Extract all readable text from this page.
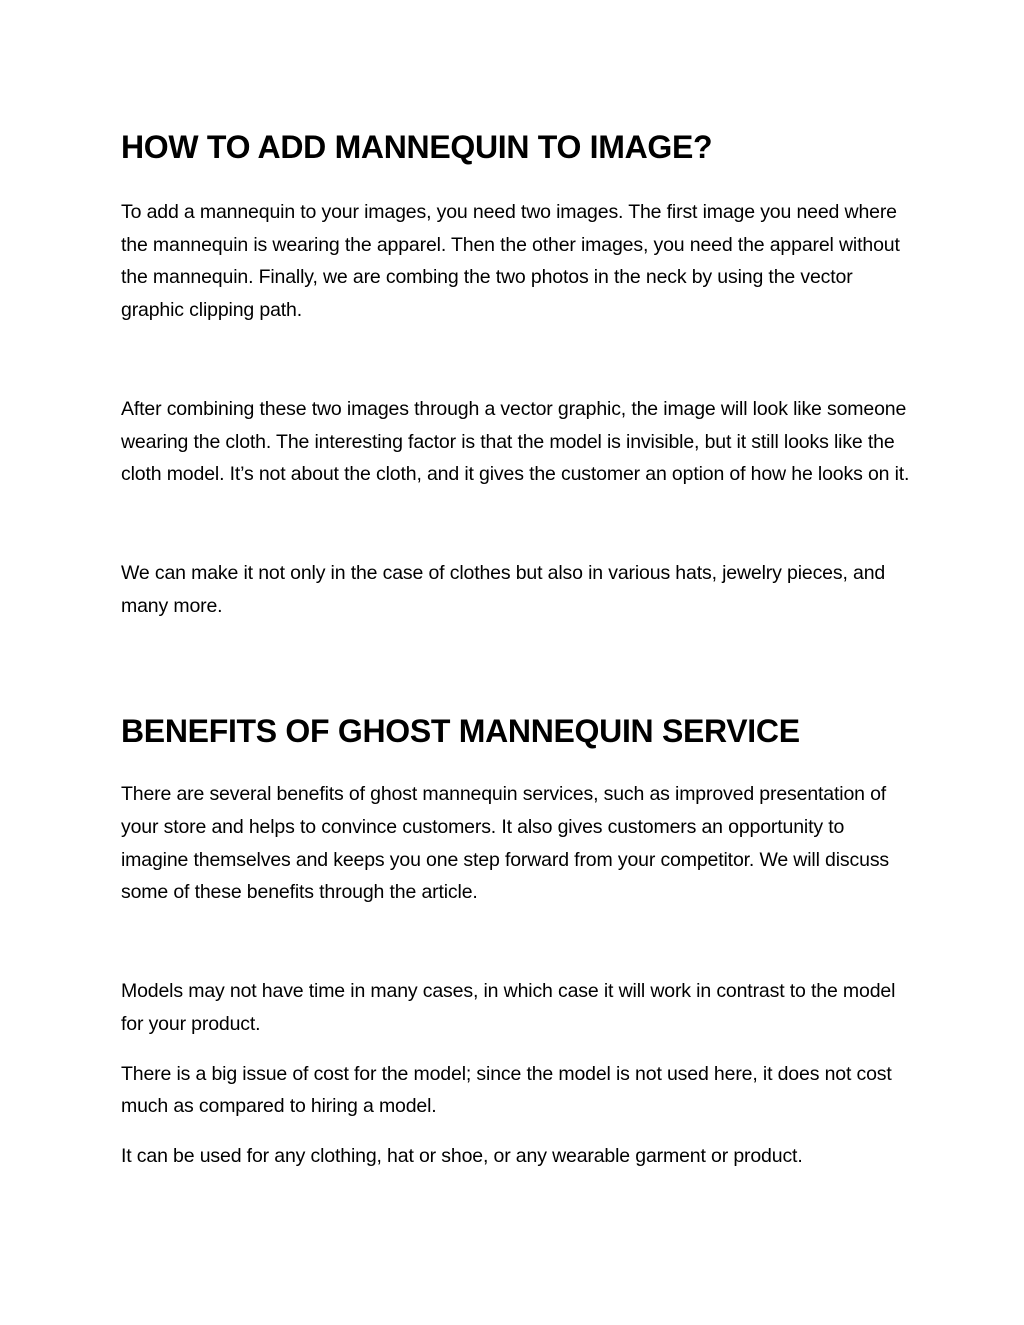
HOW TO ADD MANNEQUIN TO IMAGE?

To add a mannequin to your images, you need two images. The first image you need where the mannequin is wearing the apparel. Then the other images, you need the apparel without the mannequin. Finally, we are combing the two photos in the neck by using the vector graphic clipping path.

After combining these two images through a vector graphic, the image will look like someone wearing the cloth. The interesting factor is that the model is invisible, but it still looks like the cloth model. It’s not about the cloth, and it gives the customer an option of how he looks on it.

We can make it not only in the case of clothes but also in various hats, jewelry pieces, and many more.

BENEFITS OF GHOST MANNEQUIN SERVICE

There are several benefits of ghost mannequin services, such as improved presentation of your store and helps to convince customers. It also gives customers an opportunity to imagine themselves and keeps you one step forward from your competitor. We will discuss some of these benefits through the article.

Models may not have time in many cases, in which case it will work in contrast to the model for your product.

There is a big issue of cost for the model; since the model is not used here, it does not cost much as compared to hiring a model.

It can be used for any clothing, hat or shoe, or any wearable garment or product.
